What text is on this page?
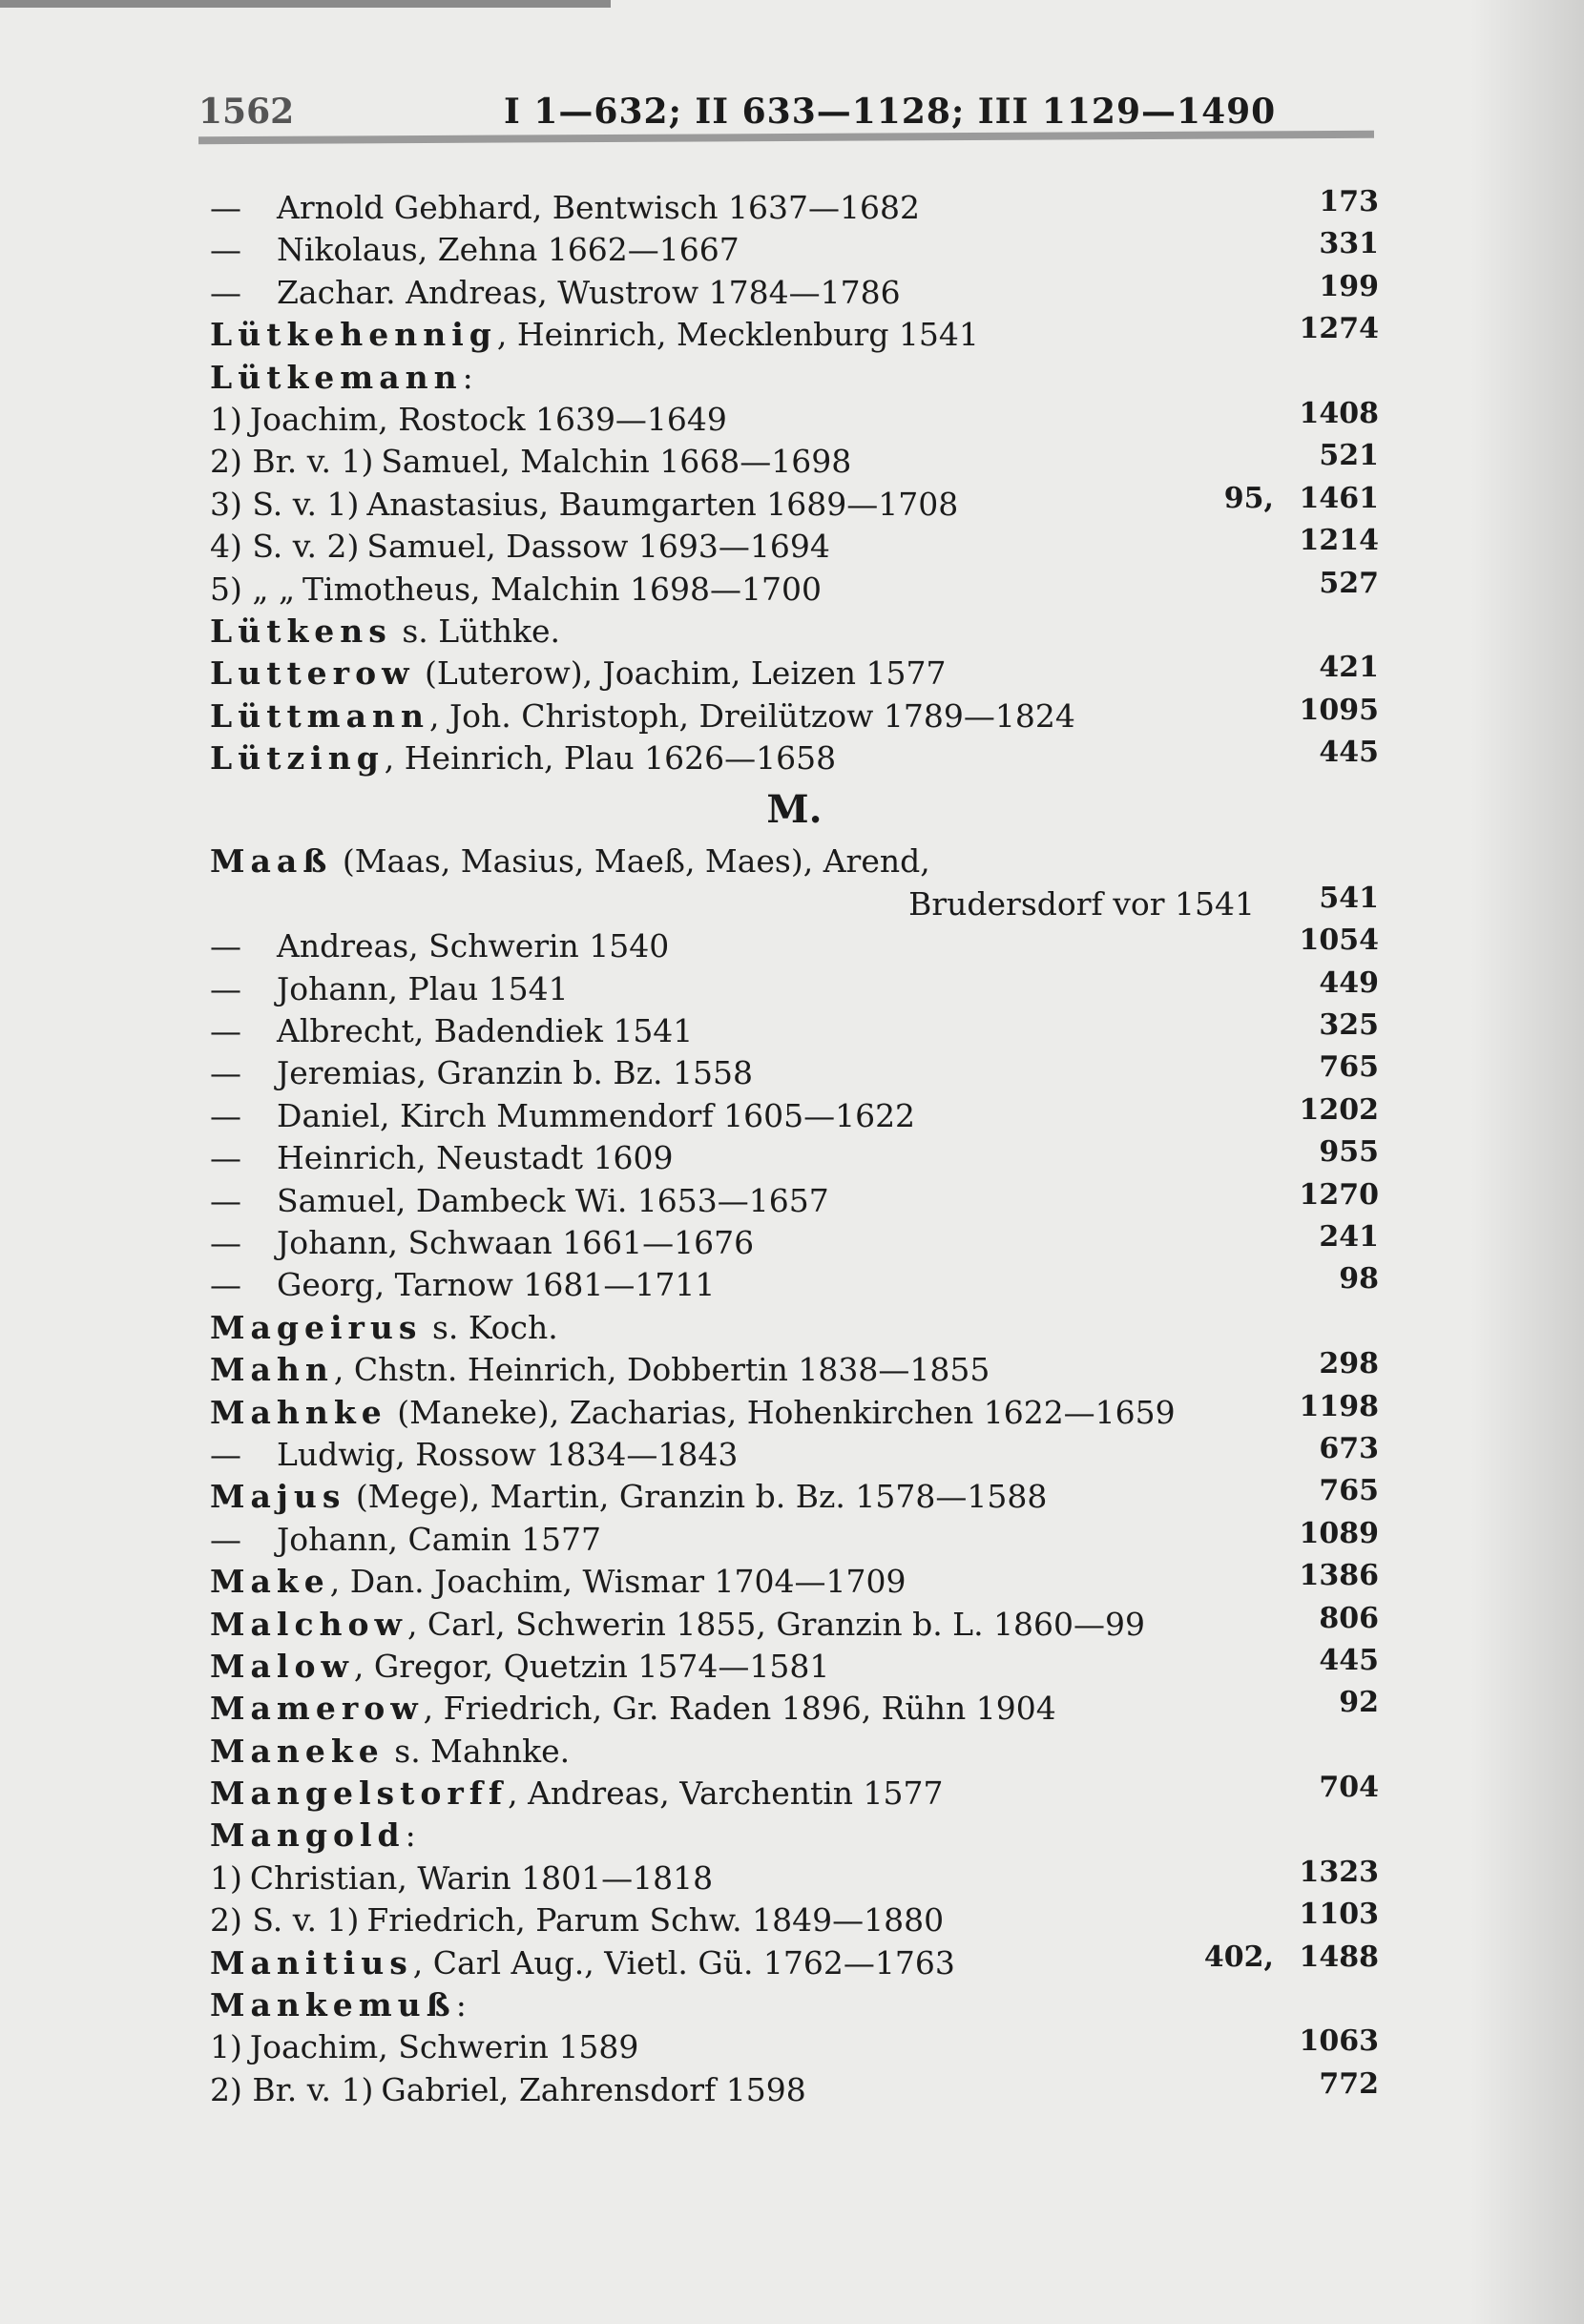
1562	I 1—632; II 633—1128; III 1129—1490
— Arnold Gebhard, Bentwisch 1637—1682	173
— Nikolaus, Zehna 1662—1667	331
— Zachar. Andreas, Wustrow 1784—1786	199
Lütkehennig, Heinrich, Mecklenburg 1541	1274
Lütkemann:
1) Joachim, Rostock 1639—1649	1408
2) Br. v. 1) Samuel, Malchin 1668—1698	521
3) S. v. 1) Anastasius, Baumgarten 1689—1708	95, 1461
4) S. v. 2) Samuel, Dassow 1693—1694	1214
5) „ „ Timotheus, Malchin 1698—1700	527
Lütkens s. Lüthke.
Lutterow (Luterow), Joachim, Leizen 1577	421
Lüttmann, Joh. Christoph, Dreilützow 1789—1824	1095
Lützing, Heinrich, Plau 1626—1658	445
M.
Maaß (Maas, Masius, Maeß, Maes), Arend,
Brudersdorf vor 1541 541
— Andreas, Schwerin 1540	1054
— Johann, Plau 1541	449
— Albrecht, Badendiek 1541	325
— Jeremias, Granzin b. Bz. 1558	765
— Daniel, Kirch Mummendorf 1605—1622	1202
— Heinrich, Neustadt 1609	955
— Samuel, Dambeck Wi. 1653—1657	1270
— Johann, Schwaan 1661—1676	241
— Georg, Tarnow 1681—1711	98
Mageirus s. Koch.
Mahn, Chstn. Heinrich, Dobbertin 1838—1855	298
Mahnke (Maneke), Zacharias, Hohenkirchen 1622—1659	1198
— Ludwig, Rossow 1834—1843	673
Majus (Mege), Martin, Granzin b. Bz. 1578—1588	765
— Johann, Camin 1577	1089
Make, Dan. Joachim, Wismar 1704—1709	1386
Malchow, Carl, Schwerin 1855, Granzin b. L. 1860—99	806
Malow, Gregor, Quetzin 1574—1581	445
Mamerow, Friedrich, Gr. Raden 1896, Rühn 1904	92
Maneke s. Mahnke.
Mangelstorff, Andreas, Varchentin 1577	704
Mangold:
1) Christian, Warin 1801—1818	1323
2) S. v. 1) Friedrich, Parum Schw. 1849—1880	1103
Manitius, Carl Aug., Vietl. Gü. 1762—1763	402, 1488
Mankemuß:
1) Joachim, Schwerin 1589	1063
2) Br. v. 1) Gabriel, Zahrensdorf 1598	772
